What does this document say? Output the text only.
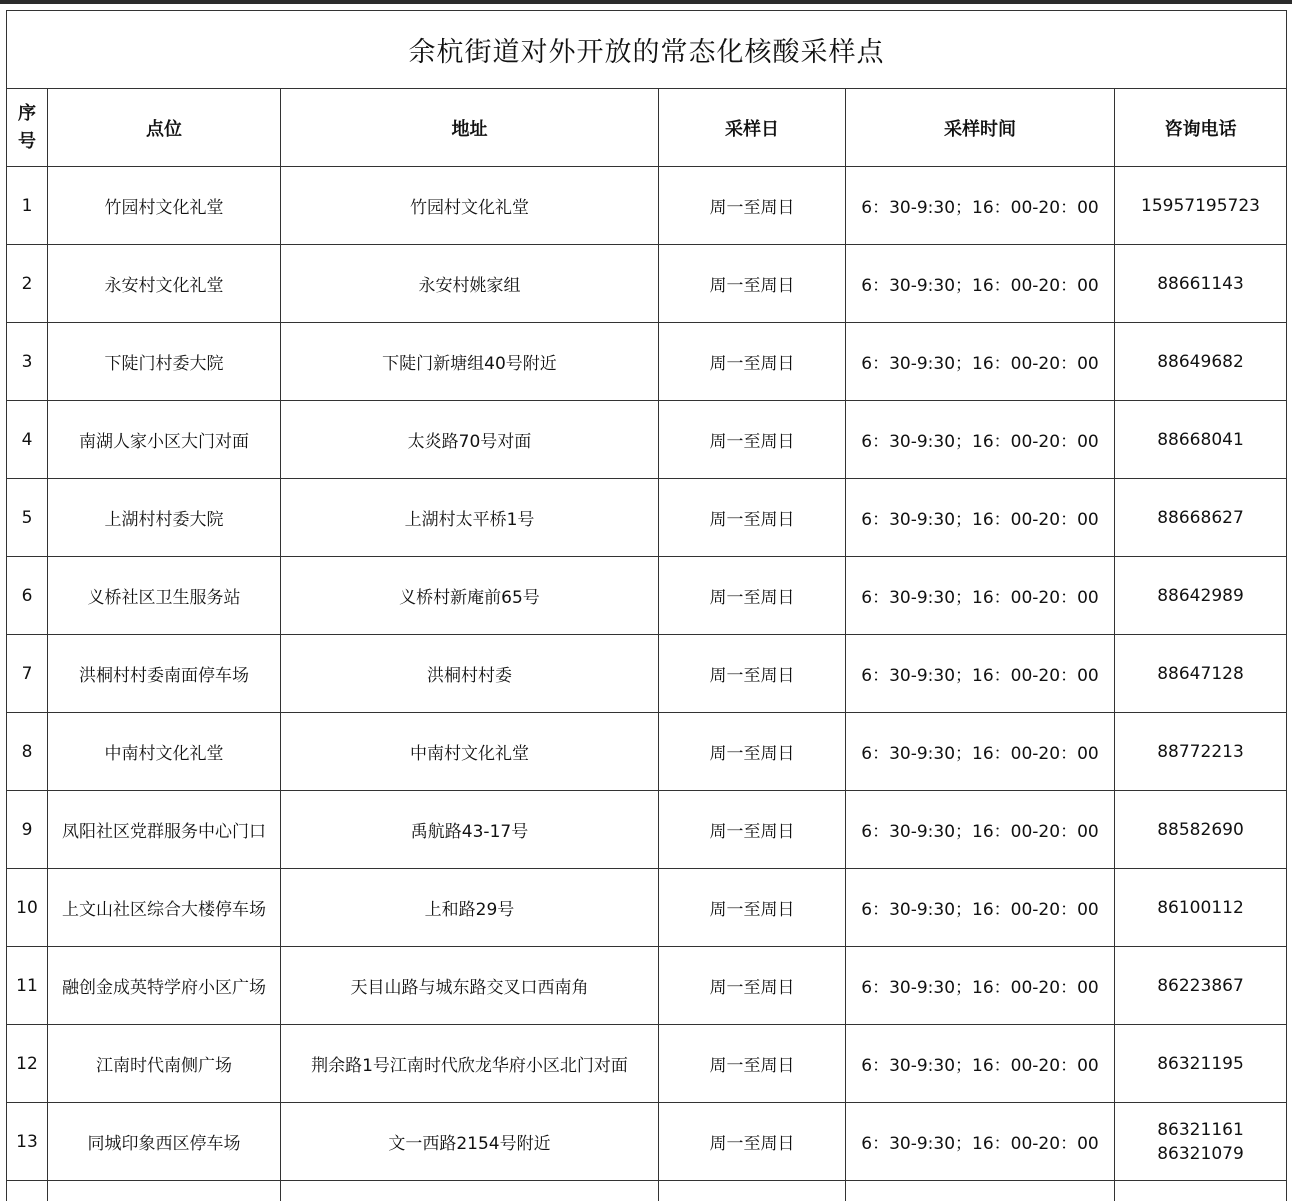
余杭街道对外开放的常态化核酸采样点					

序
号	点位	地址	采样日	采样时间	咨询电话
1	竹园村文化礼堂	竹园村文化礼堂	周一至周日	6：30-9:30；16：00-20：00	15957195723

2	永安村文化礼堂	永安村姚家组	周一至周日	6：30-9:30；16：00-20：00	88661143

3	下陡门村委大院	下陡门新塘组40号附近	周一至周日	6：30-9:30；16：00-20：00	88649682

4	南湖人家小区大门对面	太炎路70号对面	周一至周日	6：30-9:30；16：00-20：00	88668041

5	上湖村村委大院	上湖村太平桥1号	周一至周日	6：30-9:30；16：00-20：00	88668627

6	义桥社区卫生服务站	义桥村新庵前65号	周一至周日	6：30-9:30；16：00-20：00	88642989

7	洪桐村村委南面停车场	洪桐村村委	周一至周日	6：30-9:30；16：00-20：00	88647128

8	中南村文化礼堂	中南村文化礼堂	周一至周日	6：30-9:30；16：00-20：00	88772213

9	凤阳社区党群服务中心门口	禹航路43-17号	周一至周日	6：30-9:30；16：00-20：00	88582690

10	上文山社区综合大楼停车场	上和路29号	周一至周日	6：30-9:30；16：00-20：00	86100112

11	融创金成英特学府小区广场	天目山路与城东路交叉口西南角	周一至周日	6：30-9:30；16：00-20：00	86223867

12	江南时代南侧广场	荆余路1号江南时代欣龙华府小区北门对面	周一至周日	6：30-9:30；16：00-20：00	86321195

13	同城印象西区停车场	文一西路2154号附近	周一至周日	6：30-9:30；16：00-20：00	86321161
86321079
